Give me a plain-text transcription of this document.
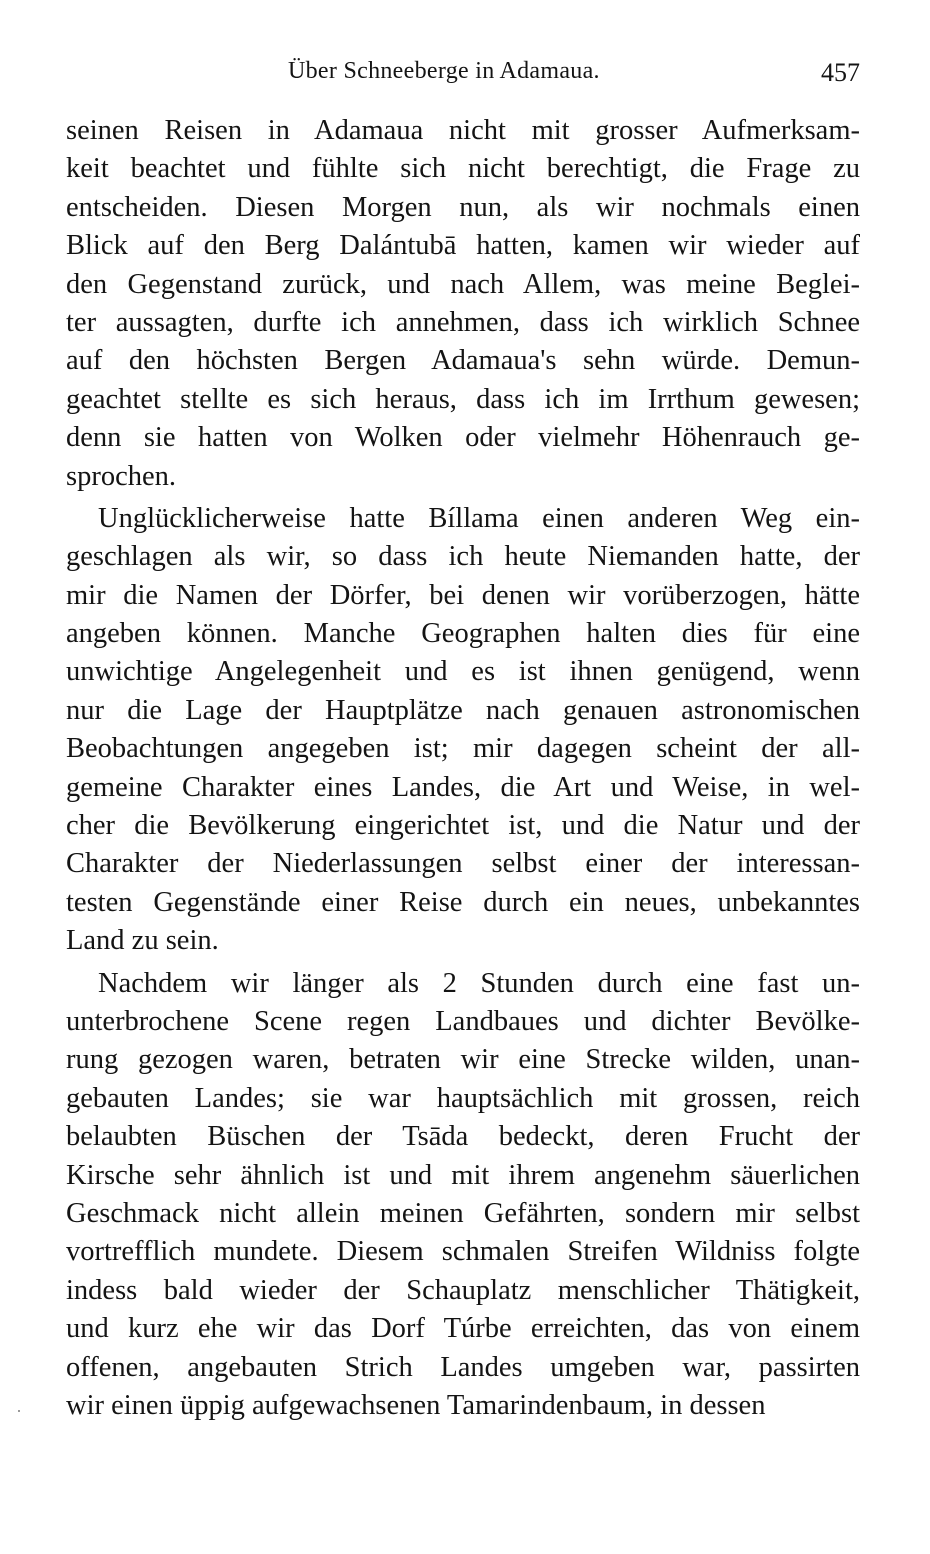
Über Schneeberge in Adamaua.	457
seinen Reisen in Adamaua nicht mit grosser Aufmerksam-
keit beachtet und fühlte sich nicht berechtigt, die Frage zu
entscheiden. Diesen Morgen nun, als wir nochmals einen
Blick auf den Berg Dalántubā hatten, kamen wir wieder auf
den Gegenstand zurück, und nach Allem, was meine Beglei-
ter aussagten, durfte ich annehmen, dass ich wirklich Schnee
auf den höchsten Bergen Adamaua's sehn würde. Demun-
geachtet stellte es sich heraus, dass ich im Irrthum gewesen;
denn sie hatten von Wolken oder vielmehr Höhenrauch ge-
sprochen.
Unglücklicherweise hatte Bíllama einen anderen Weg ein-
geschlagen als wir, so dass ich heute Niemanden hatte, der
mir die Namen der Dörfer, bei denen wir vorüberzogen, hätte
angeben können. Manche Geographen halten dies für eine
unwichtige Angelegenheit und es ist ihnen genügend, wenn
nur die Lage der Hauptplätze nach genauen astronomischen
Beobachtungen angegeben ist; mir dagegen scheint der all-
gemeine Charakter eines Landes, die Art und Weise, in wel-
cher die Bevölkerung eingerichtet ist, und die Natur und der
Charakter der Niederlassungen selbst einer der interessan-
testen Gegenstände einer Reise durch ein neues, unbekanntes
Land zu sein.
Nachdem wir länger als 2 Stunden durch eine fast un-
unterbrochene Scene regen Landbaues und dichter Bevölke-
rung gezogen waren, betraten wir eine Strecke wilden, unan-
gebauten Landes; sie war hauptsächlich mit grossen, reich
belaubten Büschen der Tsāda bedeckt, deren Frucht der
Kirsche sehr ähnlich ist und mit ihrem angenehm säuerlichen
Geschmack nicht allein meinen Gefährten, sondern mir selbst
vortrefflich mundete. Diesem schmalen Streifen Wildniss folgte
indess bald wieder der Schauplatz menschlicher Thätigkeit,
und kurz ehe wir das Dorf Túrbe erreichten, das von einem
offenen, angebauten Strich Landes umgeben war, passirten
wir einen üppig aufgewachsenen Tamarindenbaum, in dessen
